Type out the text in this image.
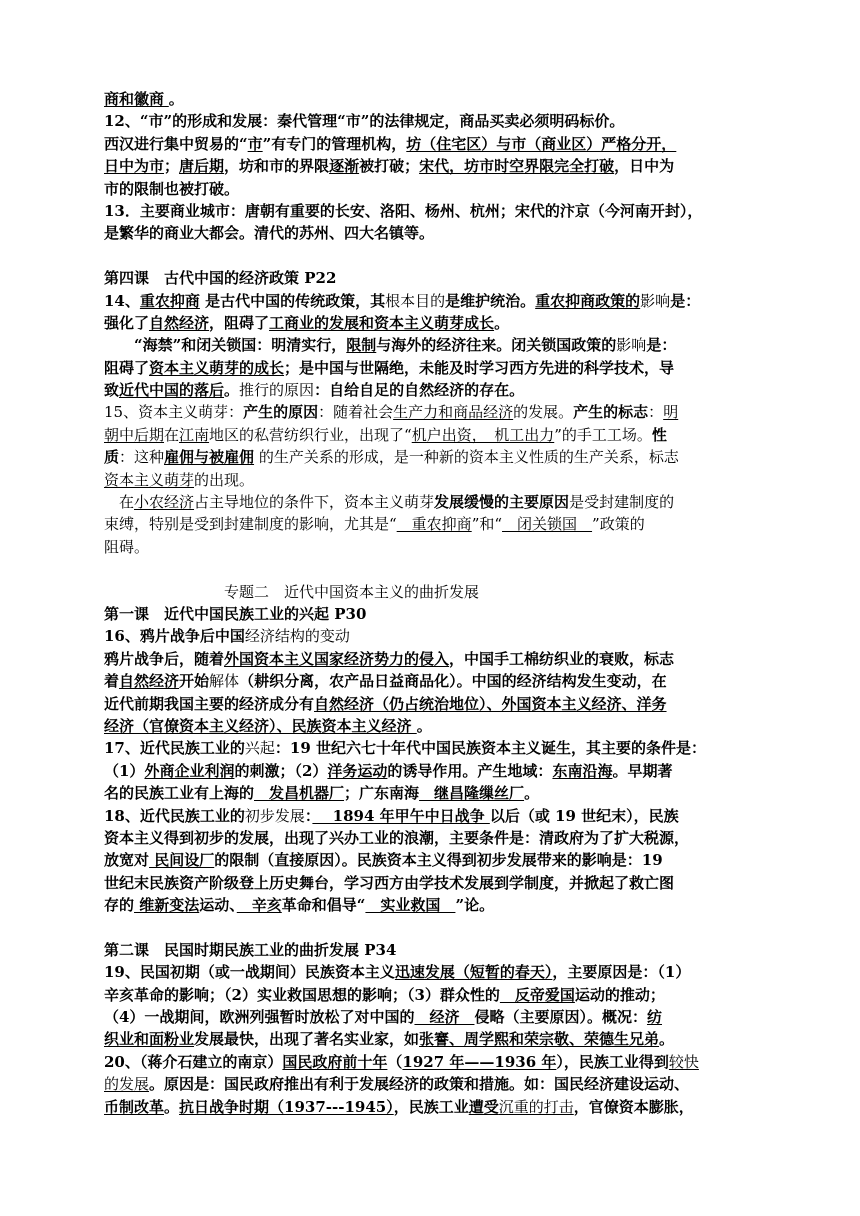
商和徽商 。
12、“市”的形成和发展：秦代管理“市”的法律规定，商品买卖必须明码标价。
西汉进行集中贸易的“市”有专门的管理机构，坊（住宅区）与市（商业区）严格分开，
日中为市；唐后期，坊和市的界限逐渐被打破；宋代，坊市时空界限完全打破，日中为
市的限制也被打破。
13．主要商业城市：唐朝有重要的长安、洛阳、杨州、杭州；宋代的汴京（今河南开封），
是繁华的商业大都会。清代的苏州、四大名镇等。
第四课　古代中国的经济政策 P22
14、重农抑商 是古代中国的传统政策，其根本目的是维护统治。重农抑商政策的影响是：
强化了自然经济，阻碍了工商业的发展和资本主义萌芽成长。
　　“海禁”和闭关锁国：明清实行，限制与海外的经济往来。闭关锁国政策的影响是：
阻碍了资本主义萌芽的成长；是中国与世隔绝，未能及时学习西方先进的科学技术，导
致近代中国的落后。推行的原因：自给自足的自然经济的存在。
15、资本主义萌芽：产生的原因：随着社会生产力和商品经济的发展。产生的标志：明
朝中后期在江南地区的私营纺织行业，出现了“机户出资，　机工出力”的手工工场。性
质：这种雇佣与被雇佣 的生产关系的形成，是一种新的资本主义性质的生产关系，标志
资本主义萌芽的出现。
　在小农经济占主导地位的条件下，资本主义萌芽发展缓慢的主要原因是受封建制度的
束缚，特别是受到封建制度的影响，尤其是“　重农抑商”和“　闭关锁国　”政策的
阻碍。
　　　　　　　　专题二　近代中国资本主义的曲折发展
第一课　近代中国民族工业的兴起 P30
16、鸦片战争后中国经济结构的变动
鸦片战争后，随着外国资本主义国家经济势力的侵入，中国手工棉纺织业的衰败，标志
着自然经济开始解体（耕织分离，农产品日益商品化）。中国的经济结构发生变动，在
近代前期我国主要的经济成分有自然经济（仍占统治地位）、外国资本主义经济、洋务
经济（官僚资本主义经济）、民族资本主义经济 。
17、近代民族工业的兴起：19 世纪六七十年代中国民族资本主义诞生，其主要的条件是：
（1）外商企业利润的刺激；（2）洋务运动的诱导作用。产生地域：东南沿海。早期著
名的民族工业有上海的　发昌机器厂；广东南海　继昌隆缫丝厂。
18、近代民族工业的初步发展：　 1894 年甲午中日战争 以后（或 19 世纪末），民族
资本主义得到初步的发展，出现了兴办工业的浪潮，主要条件是：清政府为了扩大税源，
放宽对 民间设厂的限制（直接原因）。民族资本主义得到初步发展带来的影响是：19
世纪末民族资产阶级登上历史舞台，学习西方由学技术发展到学制度，并掀起了救亡图
存的 维新变法运动、　辛亥革命和倡导“　实业救国　”论。
第二课　民国时期民族工业的曲折发展 P34
19、民国初期（或一战期间）民族资本主义迅速发展（短暂的春天），主要原因是：（1）
辛亥革命的影响；（2）实业救国思想的影响；（3）群众性的　反帝爱国运动的推动；
（4）一战期间，欧洲列强暂时放松了对中国的　经济　侵略（主要原因）。概况：纺
织业和面粉业发展最快，出现了著名实业家，如张謇、周学熙和荣宗敬、荣德生兄弟。
20、（蒋介石建立的南京）国民政府前十年（1927 年——1936 年），民族工业得到较快
的发展。原因是：国民政府推出有利于发展经济的政策和措施。如：国民经济建设运动、
币制改革。抗日战争时期（1937---1945），民族工业遭受沉重的打击，官僚资本膨胀，
